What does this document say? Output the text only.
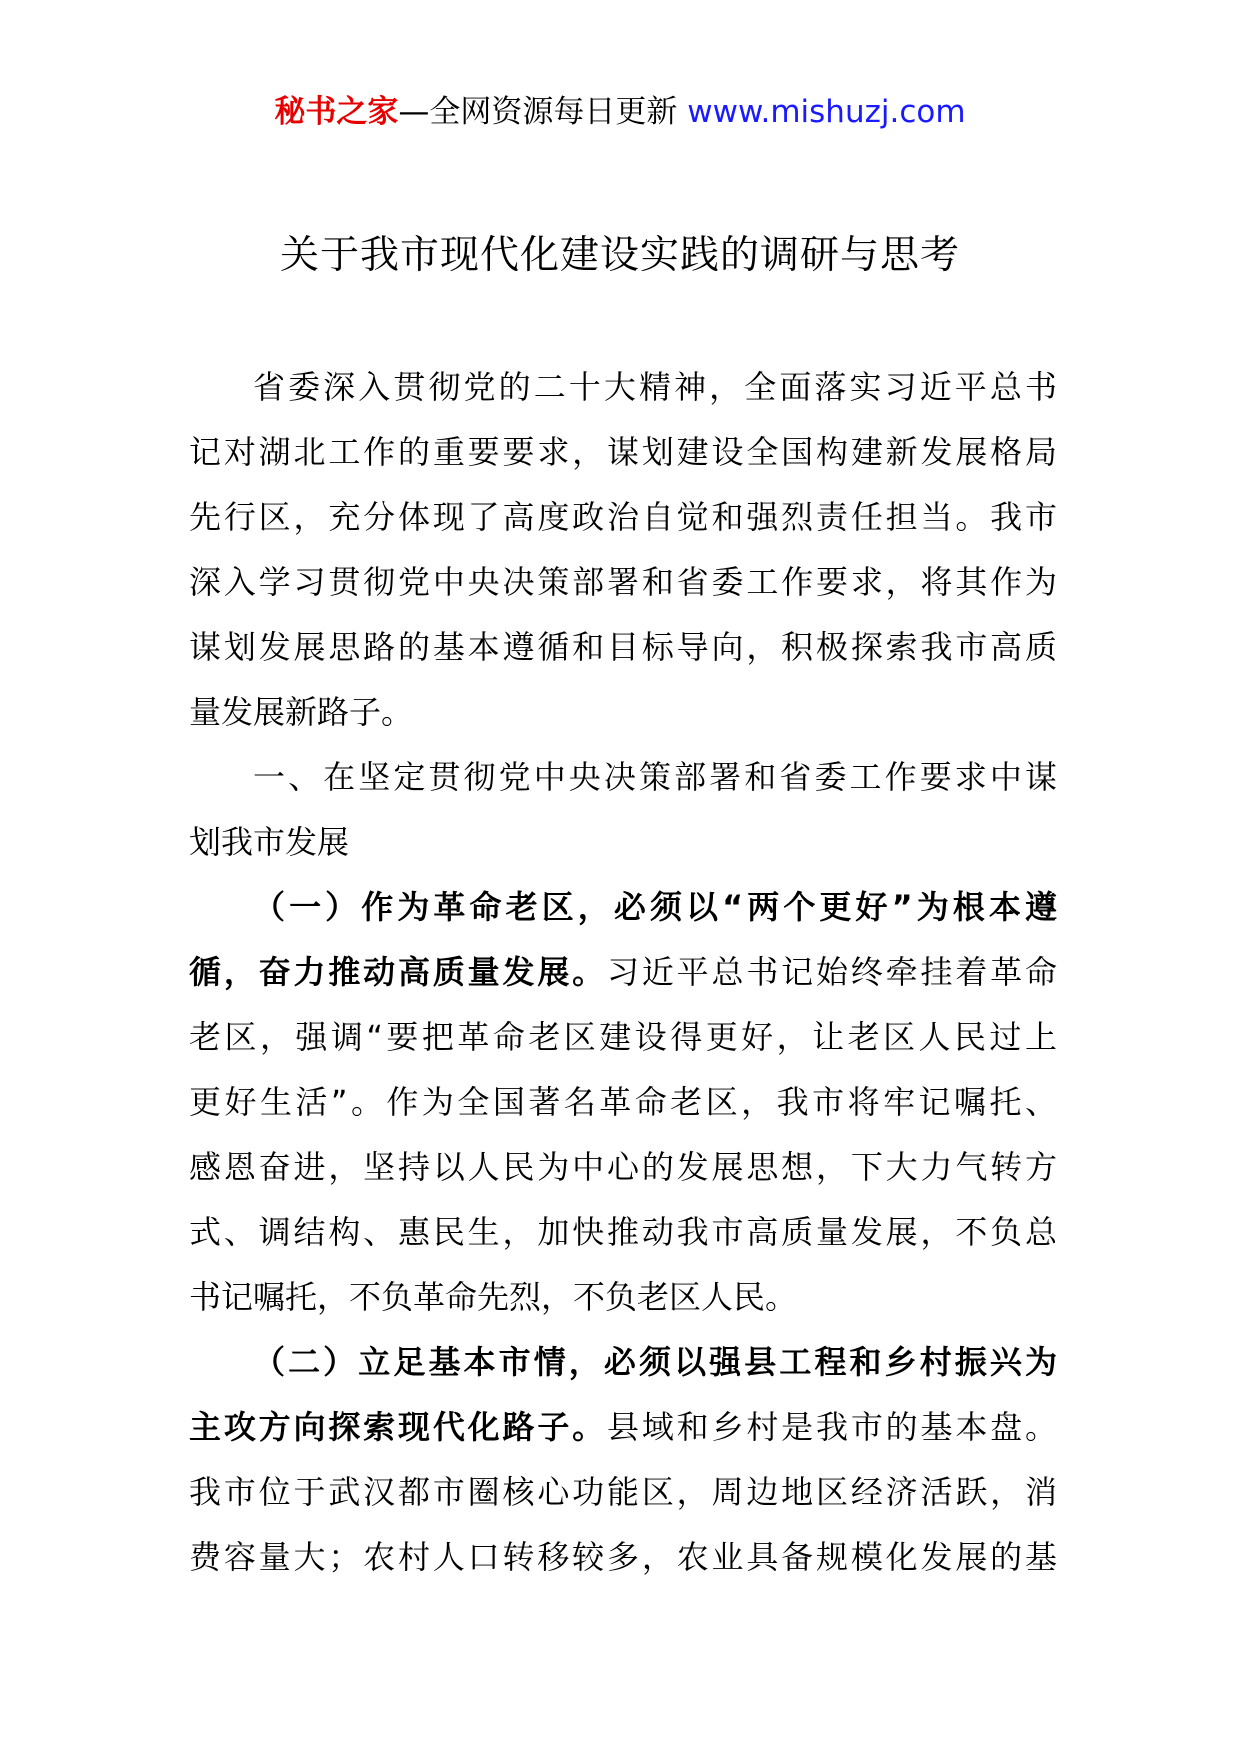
秘书之家—全网资源每日更新 www.mishuzj.com
关于我市现代化建设实践的调研与思考
省委深入贯彻党的二十大精神，全面落实习近平总书
记对湖北工作的重要要求，谋划建设全国构建新发展格局
先行区，充分体现了高度政治自觉和强烈责任担当。我市
深入学习贯彻党中央决策部署和省委工作要求，将其作为
谋划发展思路的基本遵循和目标导向，积极探索我市高质
量发展新路子。
一、在坚定贯彻党中央决策部署和省委工作要求中谋
划我市发展
（一）作为革命老区，必须以“两个更好”为根本遵
循，奋力推动高质量发展。习近平总书记始终牵挂着革命
老区，强调“要把革命老区建设得更好，让老区人民过上
更好生活”。作为全国著名革命老区，我市将牢记嘱托、
感恩奋进，坚持以人民为中心的发展思想，下大力气转方
式、调结构、惠民生，加快推动我市高质量发展，不负总
书记嘱托，不负革命先烈，不负老区人民。
（二）立足基本市情，必须以强县工程和乡村振兴为
主攻方向探索现代化路子。县域和乡村是我市的基本盘。
我市位于武汉都市圈核心功能区，周边地区经济活跃，消
费容量大；农村人口转移较多，农业具备规模化发展的基
